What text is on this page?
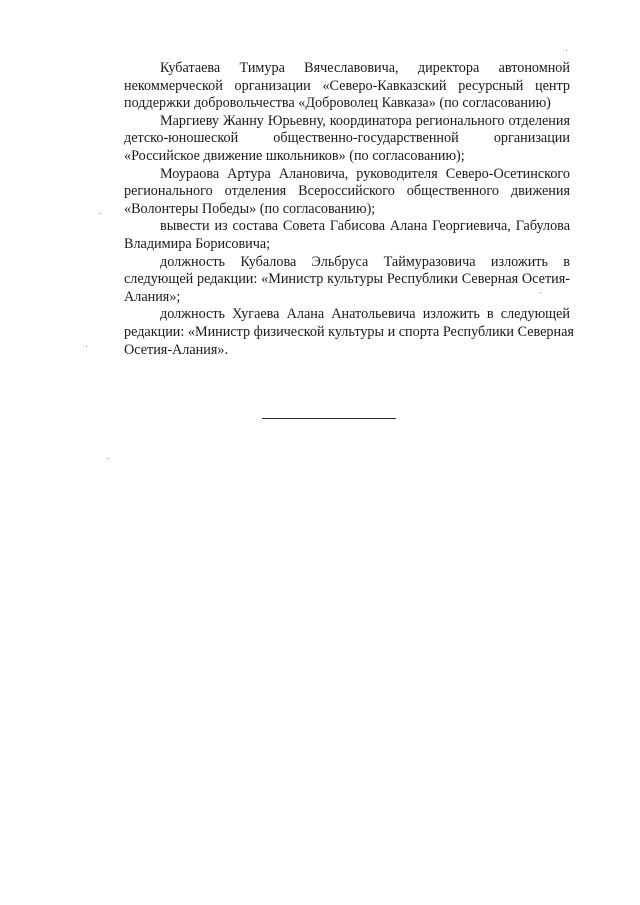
Кубатаева Тимура Вячеславовича, директора автономной
некоммерческой организации «Северо-Кавказский ресурсный центр
поддержки добровольчества «Доброволец Кавказа» (по согласованию)
Маргиеву Жанну Юрьевну, координатора регионального отделения
детско-юношеской общественно-государственной организации
«Российское движение школьников» (по согласованию);
Моураова Артура Алановича, руководителя Северо-Осетинского
регионального отделения Всероссийского общественного движения
«Волонтеры Победы» (по согласованию);
вывести из состава Совета Габисова Алана Георгиевича, Габулова
Владимира Борисовича;
должность Кубалова Эльбруса Таймуразовича изложить в
следующей редакции: «Министр культуры Республики Северная Осетия-
Алания»;
должность Хугаева Алана Анатольевича изложить в следующей
редакции: «Министр физической культуры и спорта Республики Северная
Осетия-Алания».
